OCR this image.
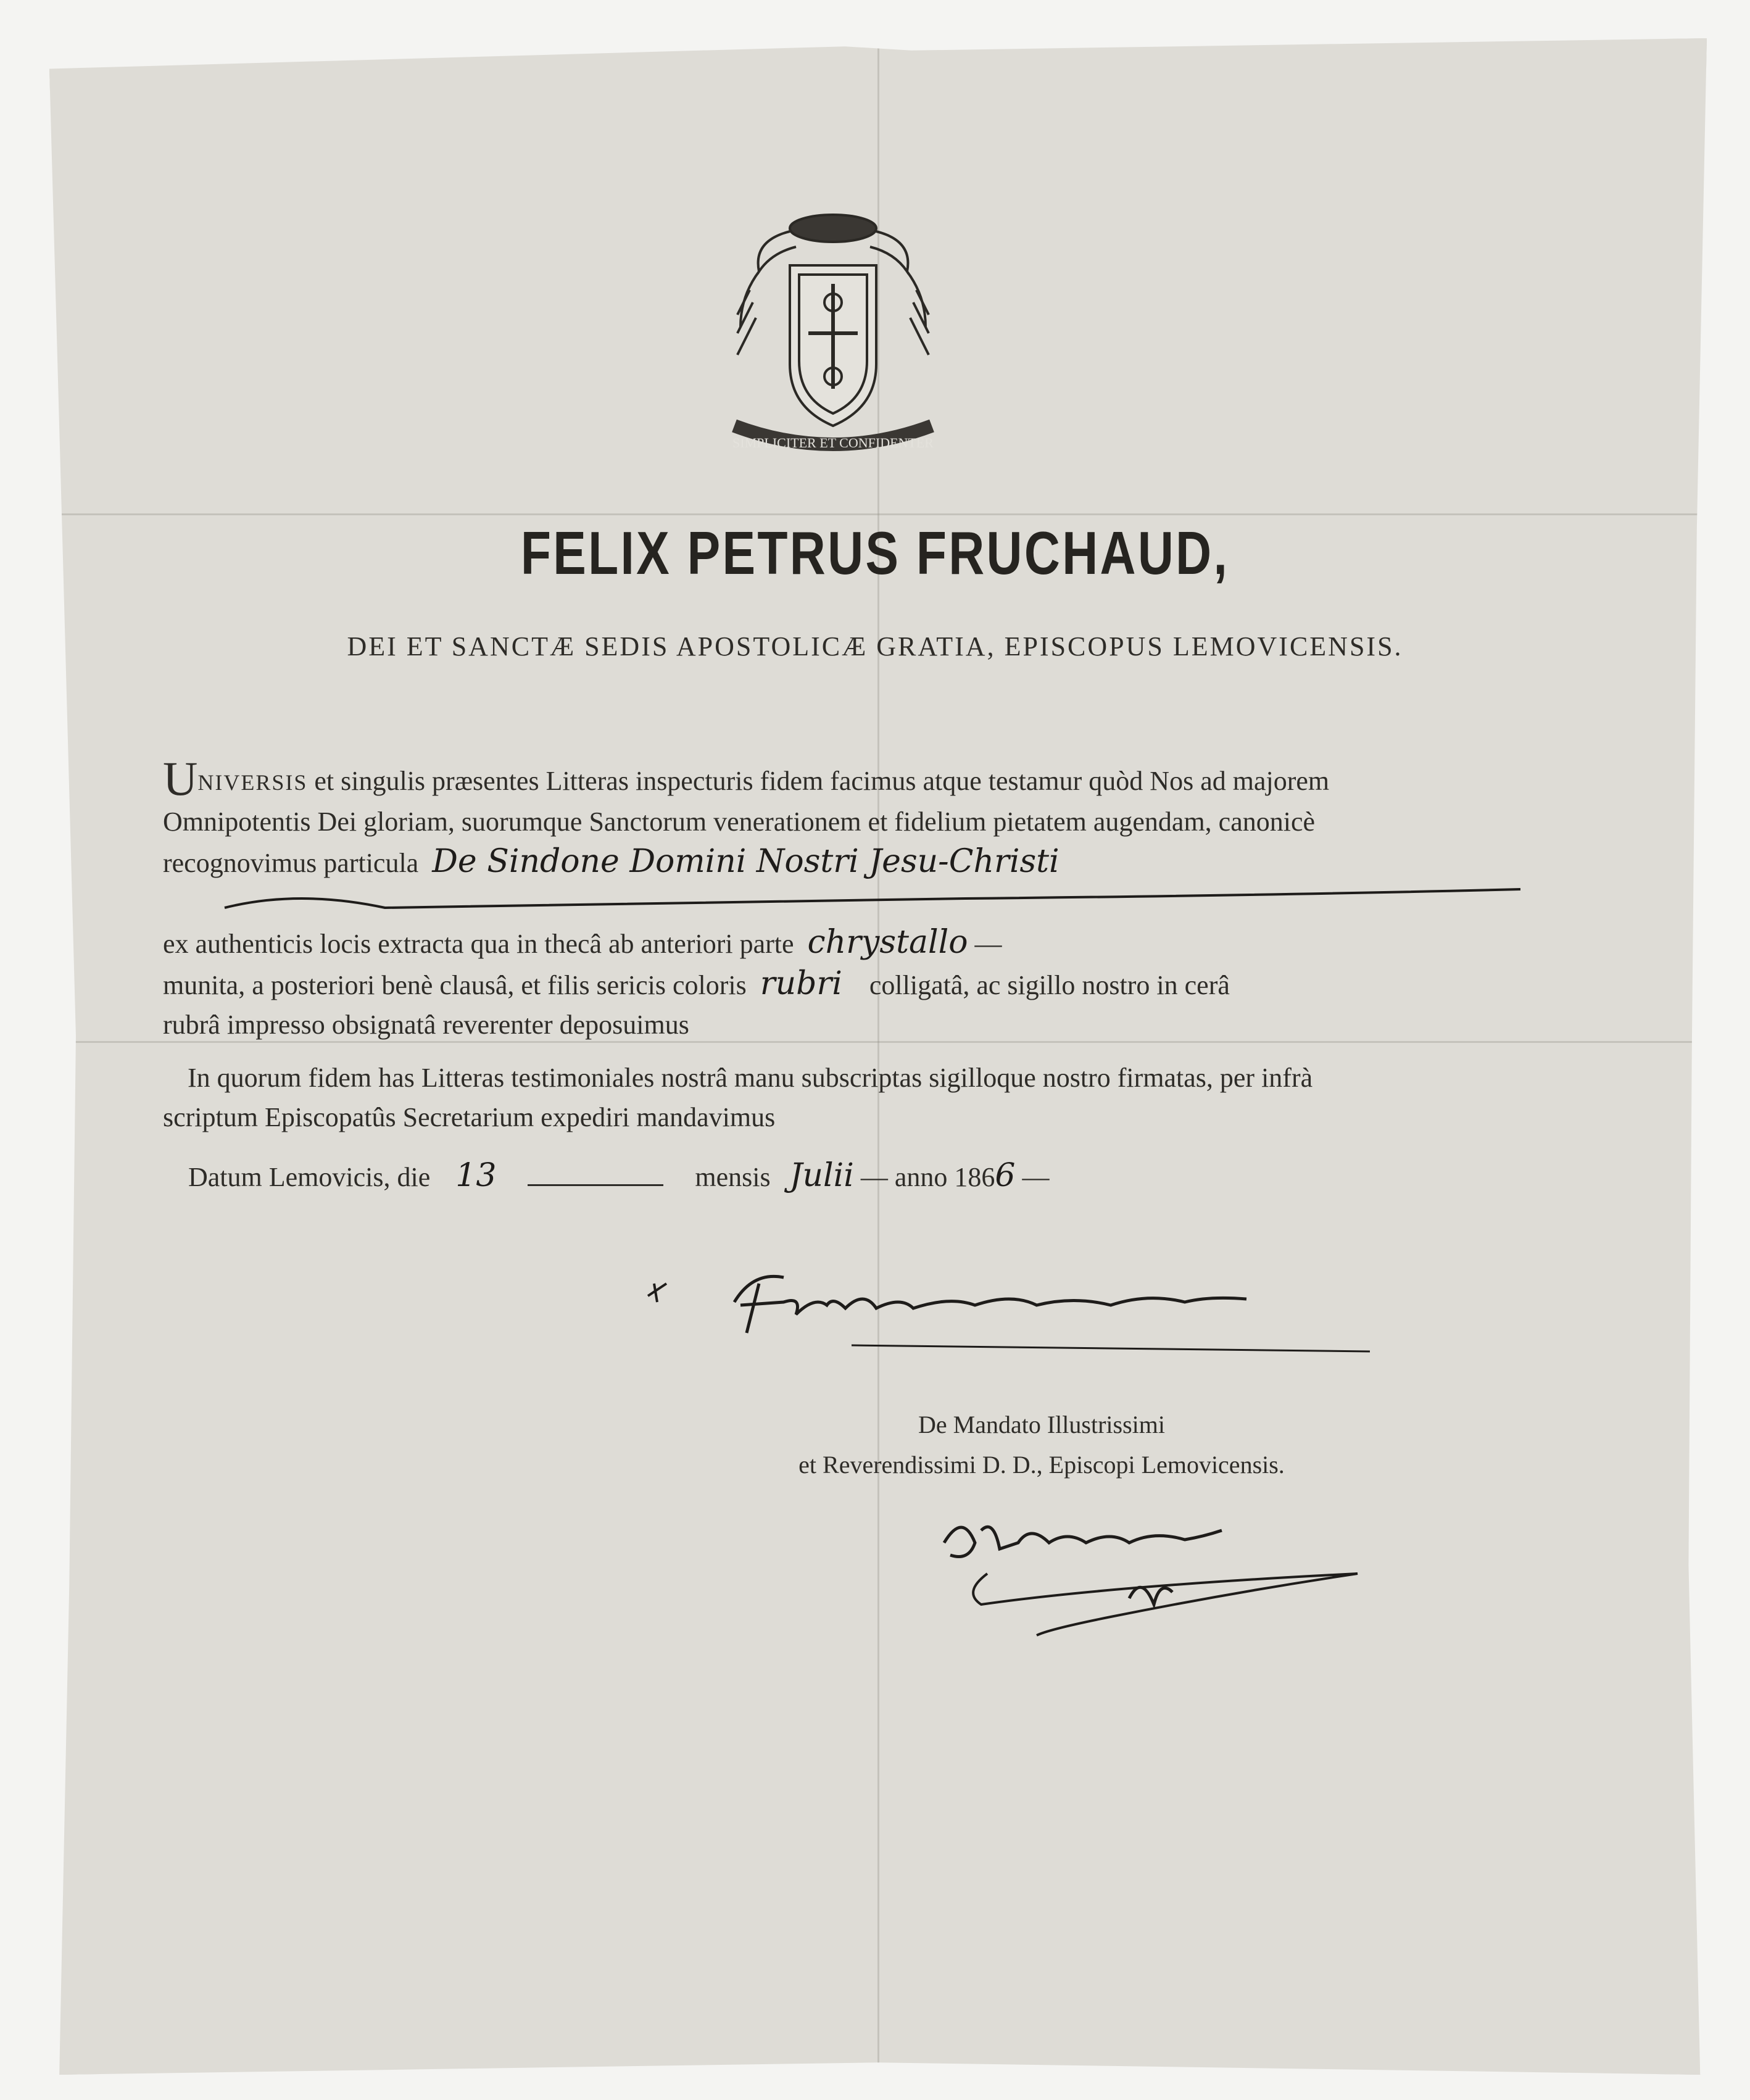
SIMPLICITER ET CONFIDENTER
FELIX PETRUS FRUCHAUD,
DEI ET SANCTÆ SEDIS APOSTOLICÆ GRATIA, EPISCOPUS LEMOVICENSIS.
UNIVERSIS et singulis præsentes Litteras inspecturis fidem facimus atque testamur quòd Nos ad majorem
Omnipotentis Dei gloriam, suorumque Sanctorum venerationem et fidelium pietatem augendam, canonicè
recognovimus particula De Sindone Domini Nostri Jesu-Christi
ex authenticis locis extracta qua in thecâ ab anteriori parte chrystallo —
munita, a posteriori benè clausâ, et filis sericis coloris rubri colligatâ, ac sigillo nostro in cerâ
rubrâ impresso obsignatâ reverenter deposuimus
In quorum fidem has Litteras testimoniales nostrâ manu subscriptas sigilloque nostro firmatas, per infrà
scriptum Episcopatûs Secretarium expediri mandavimus
Datum Lemovicis, die 13	mensis Julii — anno 1866 —
De Mandato Illustrissimi
et Reverendissimi D. D., Episcopi Lemovicensis.
